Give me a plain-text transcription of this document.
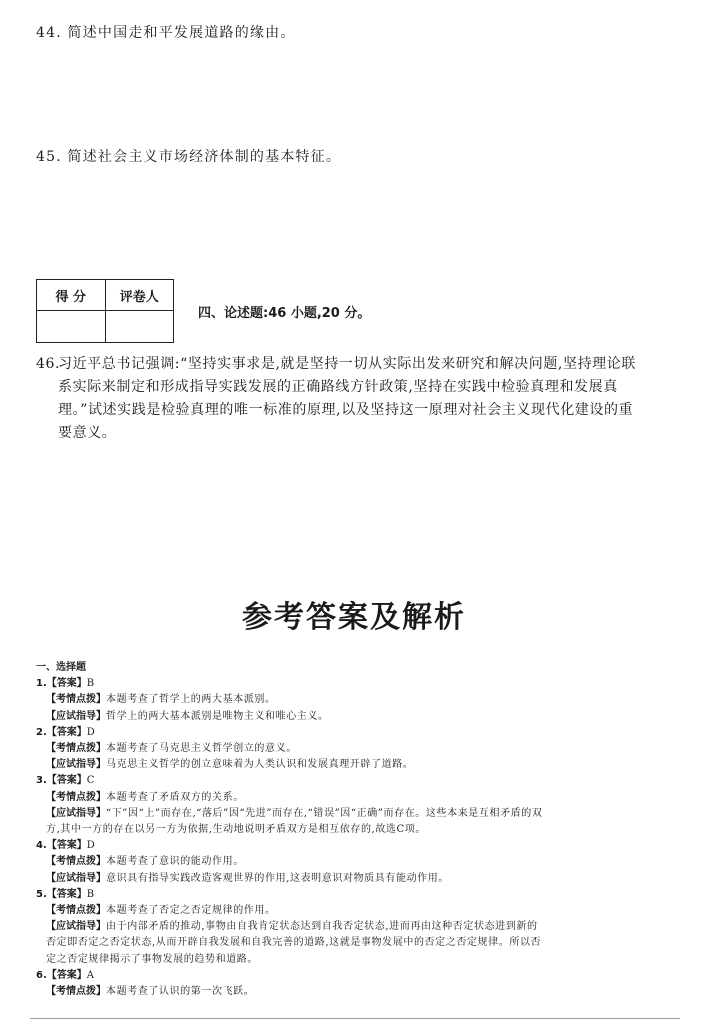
44. 简述中国走和平发展道路的缘由。
45. 简述社会主义市场经济体制的基本特征。
得 分	评卷人

四、论述题:46 小题,20 分。
46.习近平总书记强调:“坚持实事求是,就是坚持一切从实际出发来研究和解决问题,坚持理论联
系实际来制定和形成指导实践发展的正确路线方针政策,坚持在实践中检验真理和发展真
理。”试述实践是检验真理的唯一标准的原理,以及坚持这一原理对社会主义现代化建设的重
要意义。
参考答案及解析
一、选择题
1.【答案】B
【考情点拨】本题考查了哲学上的两大基本派别。
【应试指导】哲学上的两大基本派别是唯物主义和唯心主义。
2.【答案】D
【考情点拨】本题考查了马克思主义哲学创立的意义。
【应试指导】马克思主义哲学的创立意味着为人类认识和发展真理开辟了道路。
3.【答案】C
【考情点拨】本题考查了矛盾双方的关系。
【应试指导】“下”因“上”而存在,“落后”因“先进”而存在,“错误”因“正确”而存在。这些本来是互相矛盾的双
方,其中一方的存在以另一方为依据,生动地说明矛盾双方是相互依存的,故选C项。
4.【答案】D
【考情点拨】本题考查了意识的能动作用。
【应试指导】意识具有指导实践改造客观世界的作用,这表明意识对物质具有能动作用。
5.【答案】B
【考情点拨】本题考查了否定之否定规律的作用。
【应试指导】由于内部矛盾的推动,事物由自我肯定状态达到自我否定状态,进而再由这种否定状态进到新的
否定即否定之否定状态,从而开辟自我发展和自我完善的道路,这就是事物发展中的否定之否定规律。所以否
定之否定规律揭示了事物发展的趋势和道路。
6.【答案】A
【考情点拨】本题考查了认识的第一次飞跃。
